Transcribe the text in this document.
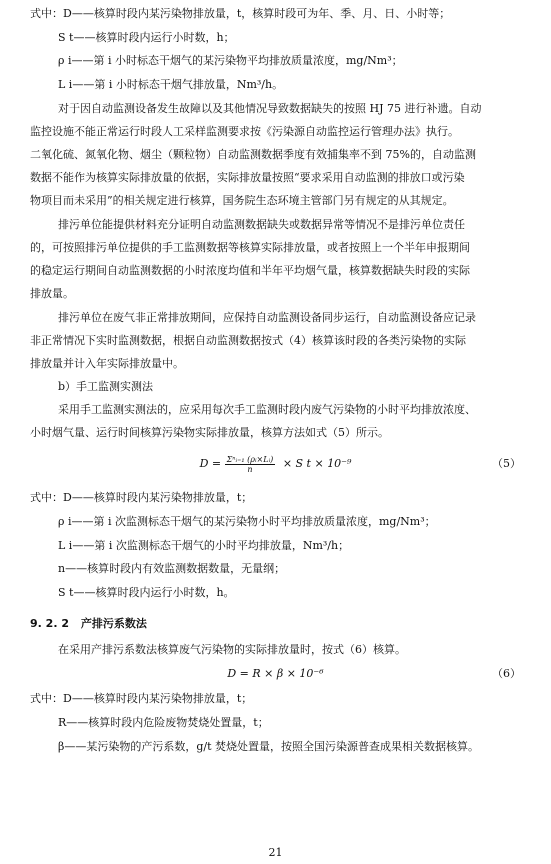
式中：D——核算时段内某污染物排放量，t，核算时段可为年、季、月、日、小时等；
S t——核算时段内运行小时数，h；
ρ i——第 i 小时标态干烟气的某污染物平均排放质量浓度，mg/Nm³；
L i——第 i 小时标态干烟气排放量，Nm³/h。
对于因自动监测设备发生故障以及其他情况导致数据缺失的按照 HJ 75 进行补遗。自动
监控设施不能正常运行时段人工采样监测要求按《污染源自动监控运行管理办法》执行。
二氧化硫、氮氧化物、烟尘（颗粒物）自动监测数据季度有效捕集率不到 75%的，自动监测
数据不能作为核算实际排放量的依据，实际排放量按照“要求采用自动监测的排放口或污染
物项目而未采用”的相关规定进行核算，国务院生态环境主管部门另有规定的从其规定。
排污单位能提供材料充分证明自动监测数据缺失或数据异常等情况不是排污单位责任
的，可按照排污单位提供的手工监测数据等核算实际排放量，或者按照上一个半年申报期间
的稳定运行期间自动监测数据的小时浓度均值和半年平均烟气量，核算数据缺失时段的实际
排放量。
排污单位在废气非正常排放期间，应保持自动监测设备同步运行，自动监测设备应记录
非正常情况下实时监测数据，根据自动监测数据按式（4）核算该时段的各类污染物的实际
排放量并计入年实际排放量中。
b）手工监测实测法
采用手工监测实测法的，应采用每次手工监测时段内废气污染物的小时平均排放浓度、
小时烟气量、运行时间核算污染物实际排放量，核算方法如式（5）所示。
$D = \frac{\text{Σⁿᵢ₌₁ (ρᵢ×Lᵢ)}}{n} \times S$ t × 10⁻⁹	（5）
式中：D——核算时段内某污染物排放量，t；
ρ i——第 i 次监测标态干烟气的某污染物小时平均排放质量浓度，mg/Nm³；
L i——第 i 次监测标态干烟气的小时平均排放量，Nm³/h；
n——核算时段内有效监测数据数量，无量纲；
S t——核算时段内运行小时数，h。
9. 2. 2 产排污系数法
在采用产排污系数法核算废气污染物的实际排放量时，按式（6）核算。
D = R × β × 10⁻⁶	（6）
式中：D——核算时段内某污染物排放量，t；
R——核算时段内危险废物焚烧处置量，t；
β——某污染物的产污系数，g/t 焚烧处置量，按照全国污染源普查成果相关数据核算。
21
